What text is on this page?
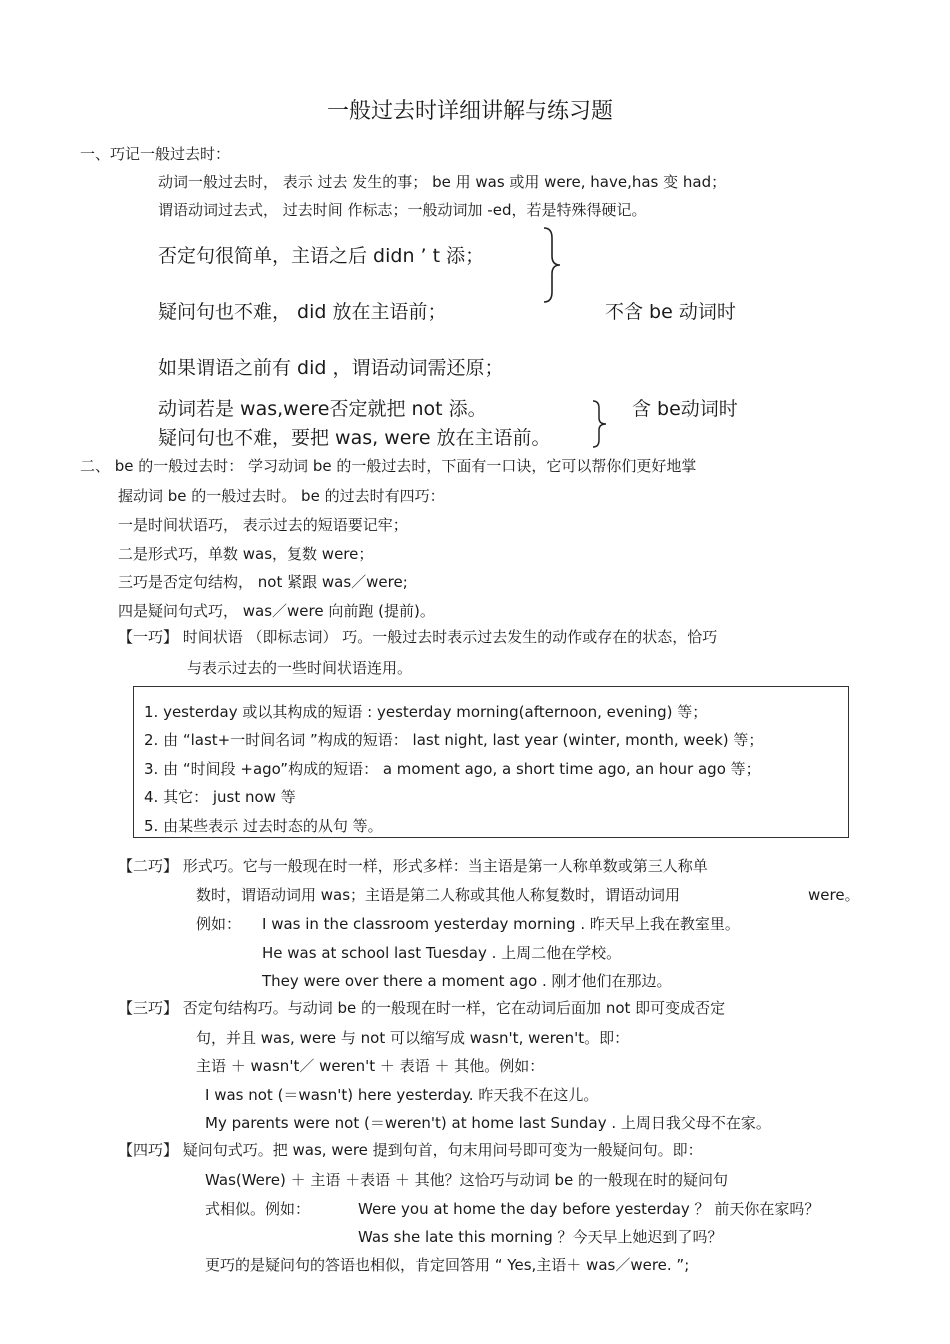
一般过去时详细讲解与练习题
一、巧记一般过去时：
动词一般过去时， 表示 过去 发生的事； be 用 was 或用 were, have,has 变 had；
谓语动词过去式， 过去时间 作标志；一般动词加 -ed，若是特殊得硬记。
否定句很简单，主语之后 didn ’ t 添；
疑问句也不难， did 放在主语前；	不含 be 动词时
如果谓语之前有 did ，谓语动词需还原；
动词若是 was,were否定就把 not 添。
疑问句也不难，要把 was, were 放在主语前。
含 be动词时
二、 be 的一般过去时： 学习动词 be 的一般过去时，下面有一口诀，它可以帮你们更好地掌
握动词 be 的一般过去时。 be 的过去时有四巧：
一是时间状语巧， 表示过去的短语要记牢；
二是形式巧，单数 was，复数 were；
三巧是否定句结构， not 紧跟 was／were;
四是疑问句式巧， was／were 向前跑 (提前)。
【一巧】 时间状语 （即标志词） 巧。一般过去时表示过去发生的动作或存在的状态，恰巧
与表示过去的一些时间状语连用。
1. yesterday 或以其构成的短语 : yesterday morning(afternoon, evening) 等；
2. 由 “last+一时间名词 ”构成的短语： last night, last year (winter, month, week) 等；
3. 由 “时间段 +ago”构成的短语： a moment ago, a short time ago, an hour ago 等；
4. 其它： just now 等
5. 由某些表示 过去时态的从句 等。
【二巧】 形式巧。它与一般现在时一样，形式多样：当主语是第一人称单数或第三人称单
数时，谓语动词用 was；主语是第二人称或其他人称复数时，谓语动词用	were。
例如： I was in the classroom yesterday morning . 昨天早上我在教室里。
He was at school last Tuesday . 上周二他在学校。
They were over there a moment ago . 刚才他们在那边。
【三巧】 否定句结构巧。与动词 be 的一般现在时一样，它在动词后面加 not 即可变成否定
句，并且 was, were 与 not 可以缩写成 wasn't, weren't。即：
主语 ＋ wasn't／ weren't ＋ 表语 ＋ 其他。例如：
I was not (＝wasn't) here yesterday. 昨天我不在这儿。
My parents were not (＝weren't) at home last Sunday . 上周日我父母不在家。
【四巧】 疑问句式巧。把 was, were 提到句首，句末用问号即可变为一般疑问句。即：
Was(Were) ＋ 主语 ＋表语 ＋ 其他？这恰巧与动词 be 的一般现在时的疑问句
式相似。例如：	Were you at home the day before yesterday ？ 前天你在家吗？
Was she late this morning ？今天早上她迟到了吗？
更巧的是疑问句的答语也相似，肯定回答用 “ Yes,主语＋ was／were. ”;
